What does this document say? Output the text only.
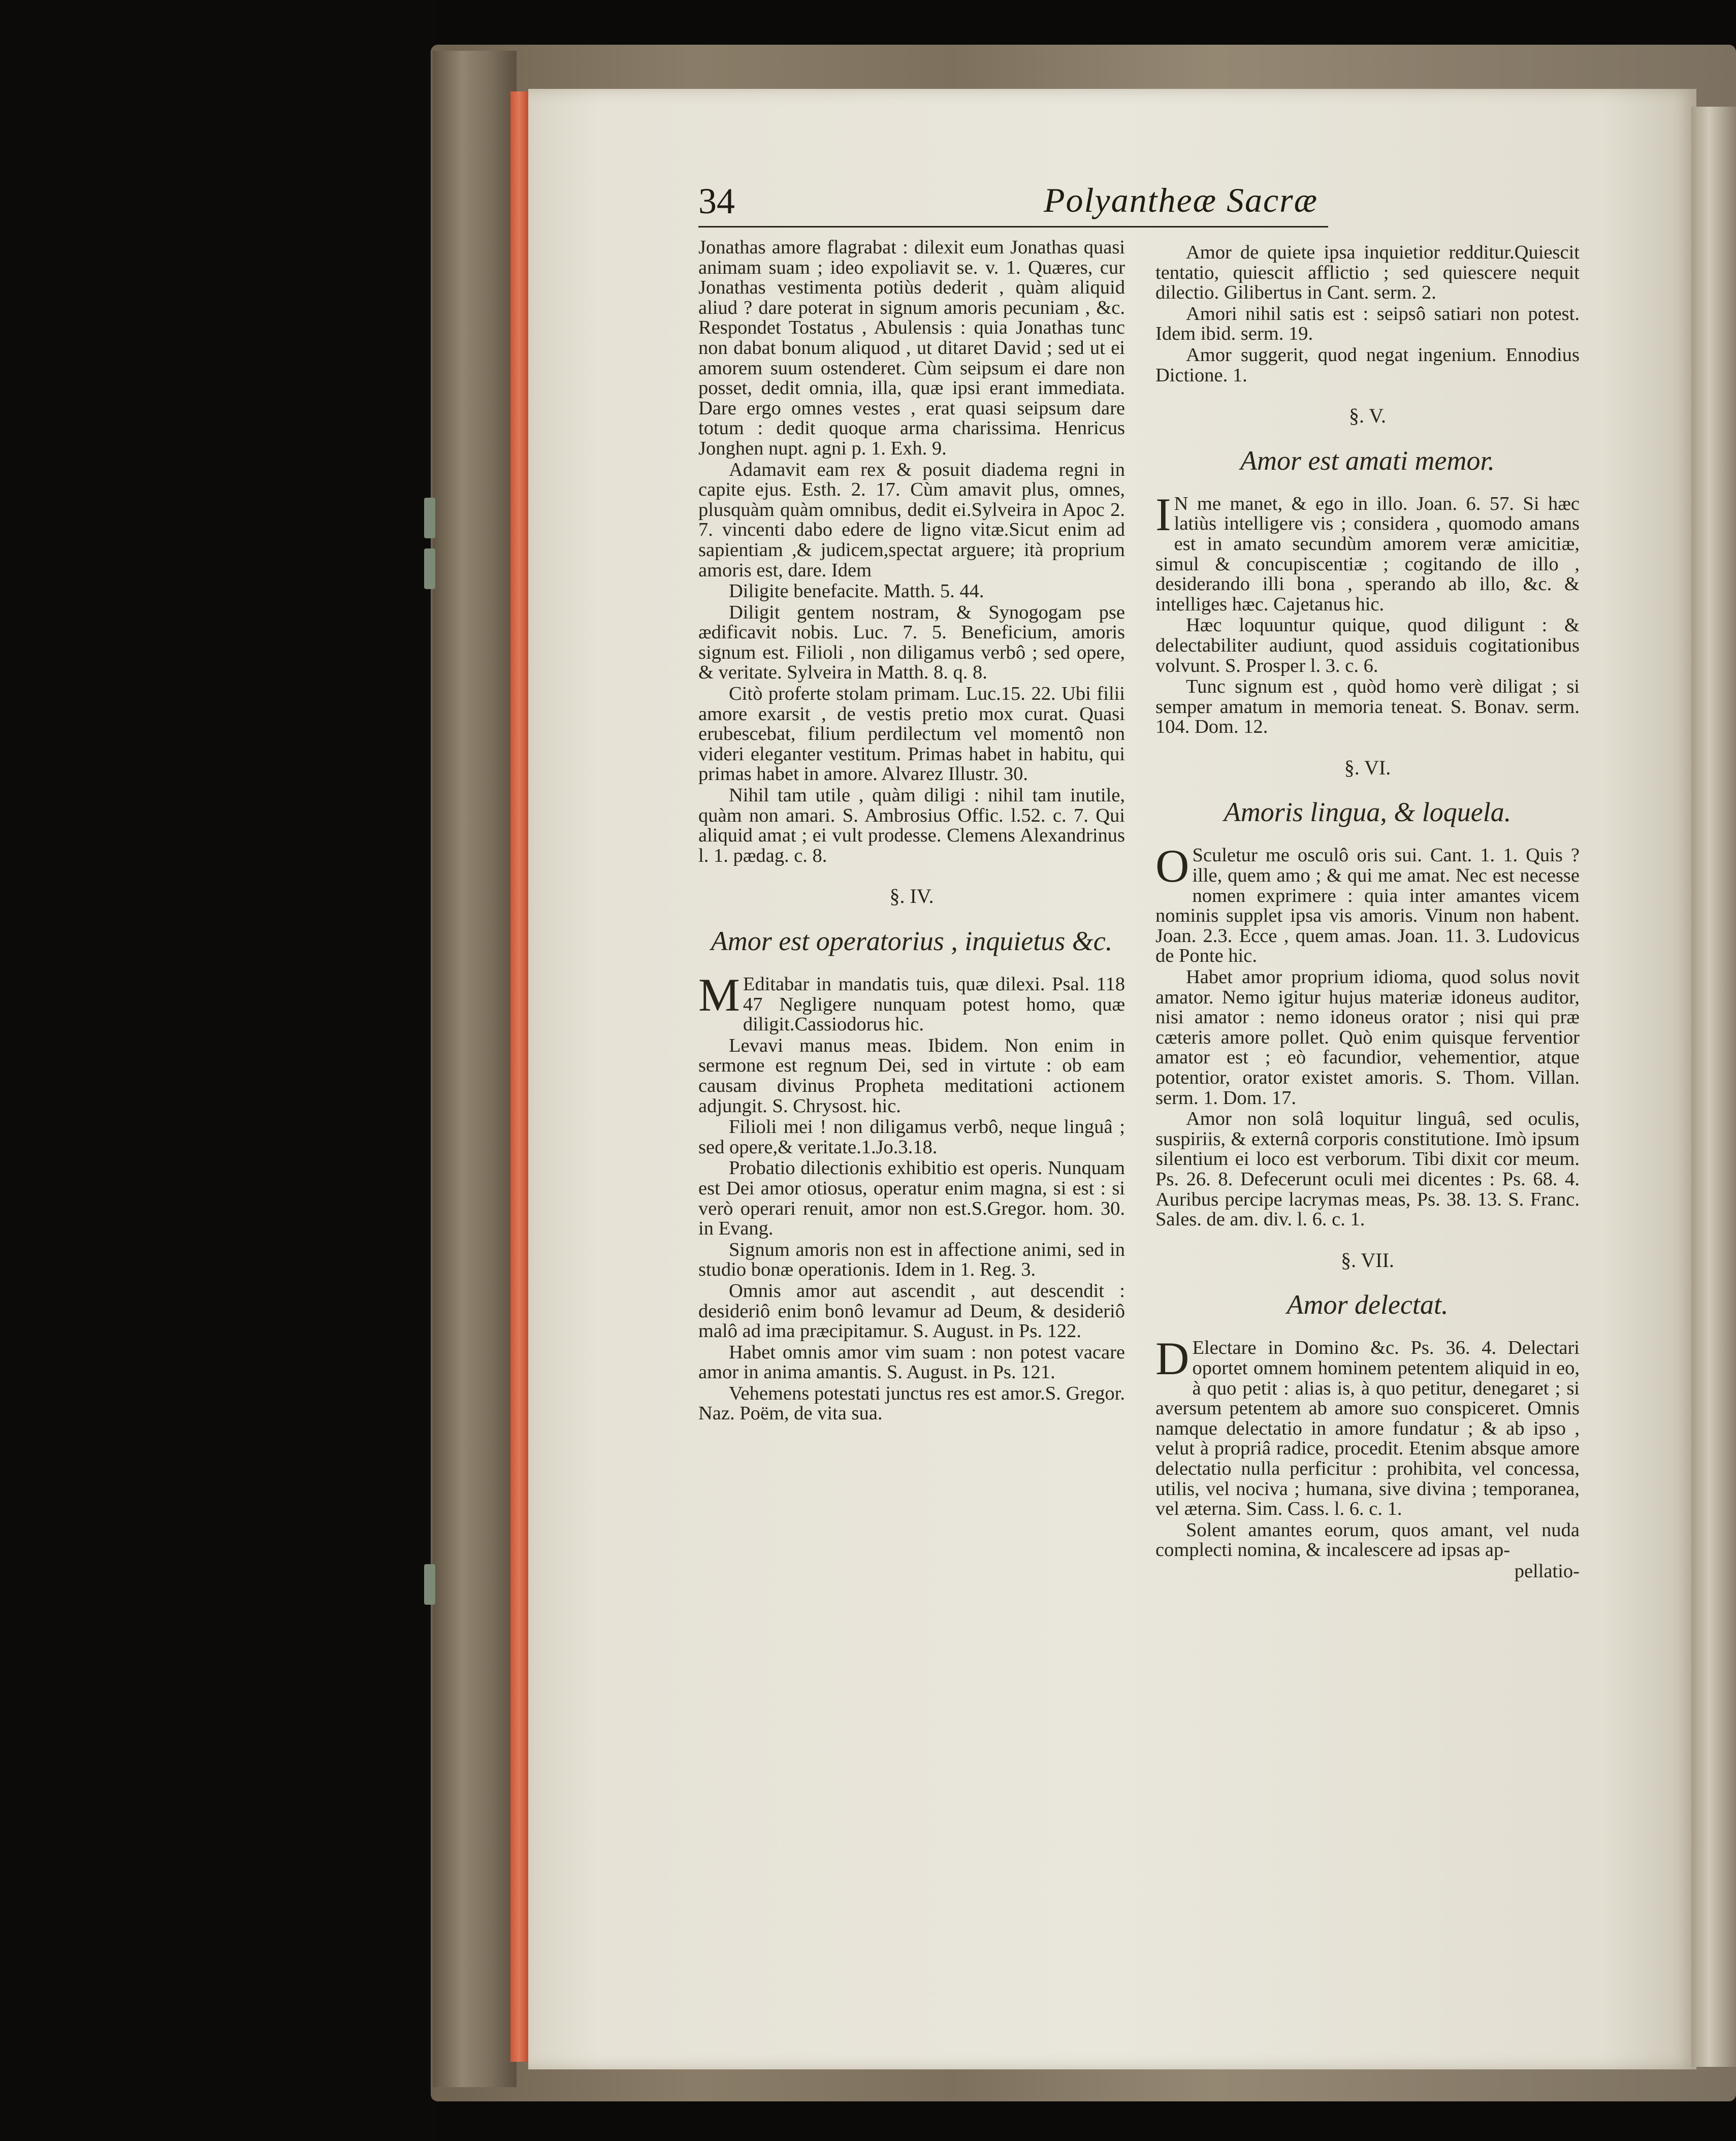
34	Polyantheæ Sacræ

Jonathas amore flagrabat : dilexit eum Jonathas quasi animam suam ; ideo expoliavit se. v. 1. Quæres, cur Jonathas vestimenta potiùs dederit , quàm aliquid aliud ? dare poterat in signum amoris pecuniam , &c. Respondet Tostatus , Abulensis : quia Jonathas tunc non dabat bonum aliquod , ut ditaret David ; sed ut ei amorem suum ostenderet. Cùm seipsum ei dare non posset, dedit omnia, illa, quæ ipsi erant immediata. Dare ergo omnes vestes , erat quasi seipsum dare totum : dedit quoque arma charissima. Henricus Jonghen nupt. agni p. 1. Exh. 9.

Adamavit eam rex & posuit diadema regni in capite ejus. Esth. 2. 17. Cùm amavit plus, omnes, plusquàm quàm omnibus, dedit ei.Sylveira in Apoc 2. 7. vincenti dabo edere de ligno vitæ.Sicut enim ad sapientiam ,& judicem,spectat arguere; ità proprium amoris est, dare. Idem

Diligite benefacite. Matth. 5. 44.

Diligit gentem nostram, & Synogogam pse ædificavit nobis. Luc. 7. 5. Beneficium, amoris signum est. Filioli , non diligamus verbô ; sed opere, & veritate. Sylveira in Matth. 8. q. 8.

Citò proferte stolam primam. Luc.15. 22. Ubi filii amore exarsit , de vestis pretio mox curat. Quasi erubescebat, filium perdilectum vel momentô non videri eleganter vestitum. Primas habet in habitu, qui primas habet in amore. Alvarez Illustr. 30.

Nihil tam utile , quàm diligi : nihil tam inutile, quàm non amari. S. Ambrosius Offic. l.52. c. 7. Qui aliquid amat ; ei vult prodesse. Clemens Alexandrinus l. 1. pædag. c. 8.

§. IV.
Amor est operatorius , inquietus &c.

M Editabar in mandatis tuis, quæ dilexi. Psal. 118 47 Negligere nunquam potest homo, quæ diligit.Cassiodorus hic.

Levavi manus meas. Ibidem. Non enim in sermone est regnum Dei, sed in virtute : ob eam causam divinus Propheta meditationi actionem adjungit. S. Chrysost. hic.

Filioli mei ! non diligamus verbô, neque linguâ ; sed opere,& veritate.1.Jo.3.18.

Probatio dilectionis exhibitio est operis. Nunquam est Dei amor otiosus, operatur enim magna, si est : si verò operari renuit, amor non est.S.Gregor. hom. 30. in Evang.

Signum amoris non est in affectione animi, sed in studio bonæ operationis. Idem in 1. Reg. 3.

Omnis amor aut ascendit , aut descendit : desideriô enim bonô levamur ad Deum, & desideriô malô ad ima præcipitamur. S. August. in Ps. 122.

Habet omnis amor vim suam : non potest vacare amor in anima amantis. S. August. in Ps. 121.

Vehemens potestati junctus res est amor.S. Gregor. Naz. Poëm, de vita sua.

Amor de quiete ipsa inquietior redditur.Quiescit tentatio, quiescit afflictio ; sed quiescere nequit dilectio. Gilibertus in Cant. serm. 2.

Amori nihil satis est : seipsô satiari non potest. Idem ibid. serm. 19.

Amor suggerit, quod negat ingenium. Ennodius Dictione. 1.

§. V.
Amor est amati memor.

I N me manet, & ego in illo. Joan. 6. 57. Si hæc latiùs intelligere vis ; considera , quomodo amans est in amato secundùm amorem veræ amicitiæ, simul & concupiscentiæ ; cogitando de illo , desiderando illi bona , sperando ab illo, &c. & intelliges hæc. Cajetanus hic.

Hæc loquuntur quique, quod diligunt : & delectabiliter audiunt, quod assiduis cogitationibus volvunt. S. Prosper l. 3. c. 6.

Tunc signum est , quòd homo verè diligat ; si semper amatum in memoria teneat. S. Bonav. serm. 104. Dom. 12.

§. VI.
Amoris lingua, & loquela.

O Sculetur me osculô oris sui. Cant. 1. 1. Quis ? ille, quem amo ; & qui me amat. Nec est necesse nomen exprimere : quia inter amantes vicem nominis supplet ipsa vis amoris. Vinum non habent. Joan. 2.3. Ecce , quem amas. Joan. 11. 3. Ludovicus de Ponte hic.

Habet amor proprium idioma, quod solus novit amator. Nemo igitur hujus materiæ idoneus auditor, nisi amator : nemo idoneus orator ; nisi qui præ cæteris amore pollet. Quò enim quisque ferventior amator est ; eò facundior, vehementior, atque potentior, orator existet amoris. S. Thom. Villan. serm. 1. Dom. 17.

Amor non solâ loquitur linguâ, sed oculis, suspiriis, & externâ corporis constitutione. Imò ipsum silentium ei loco est verborum. Tibi dixit cor meum. Ps. 26. 8. Defecerunt oculi mei dicentes : Ps. 68. 4. Auribus percipe lacrymas meas, Ps. 38. 13. S. Franc. Sales. de am. div. l. 6. c. 1.

§. VII.
Amor delectat.

D Electare in Domino &c. Ps. 36. 4. Delectari oportet omnem hominem petentem aliquid in eo, à quo petit : alias is, à quo petitur, denegaret ; si aversum petentem ab amore suo conspiceret. Omnis namque delectatio in amore fundatur ; & ab ipso , velut à propriâ radice, procedit. Etenim absque amore delectatio nulla perficitur : prohibita, vel concessa, utilis, vel nociva ; humana, sive divina ; temporanea, vel æterna. Sim. Cass. l. 6. c. 1.

Solent amantes eorum, quos amant, vel nuda complecti nomina, & incalescere ad ipsas ap-

pellatio-
